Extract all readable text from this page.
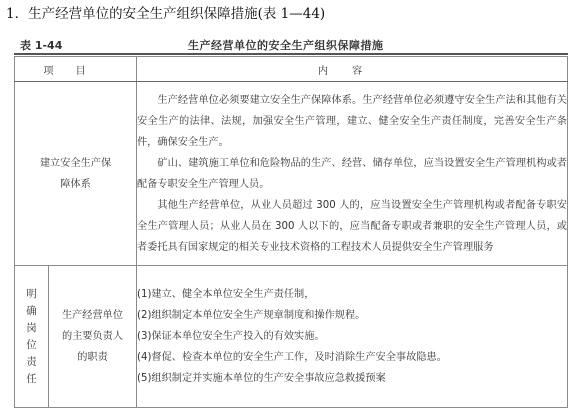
1．生产经营单位的安全生产组织保障措施(表 1—44)
表 1-44	生产经营单位的安全生产组织保障措施
项目		内容

建立安全生产保障体系		生产经营单位必须要建立安全生产保障体系。生产经营单位必须遵守安全生产法和其他有关安全生产的法律、法规，加强安全生产管理，建立、健全安全生产责任制度，完善安全生产条件，确保安全生产。

矿山、建筑施工单位和危险物品的生产、经营、储存单位，应当设置安全生产管理机构或者配备专职安全生产管理人员。

其他生产经营单位，从业人员超过 300 人的，应当设置安全生产管理机构或者配备专职安全生产管理人员；从业人员在 300 人以下的，应当配备专职或者兼职的安全生产管理人员，或者委托具有国家规定的相关专业技术资格的工程技术人员提供安全生产管理服务

明确岗位责任	生产经营单位的主要负责人的职责	(1)建立、健全本单位安全生产责任制，

(2)组织制定本单位安全生产规章制度和操作规程。

(3)保证本单位安全生产投入的有效实施。

(4)督促、检查本单位的安全生产工作，及时消除生产安全事故隐患。

(5)组织制定并实施本单位的生产安全事故应急救援预案
